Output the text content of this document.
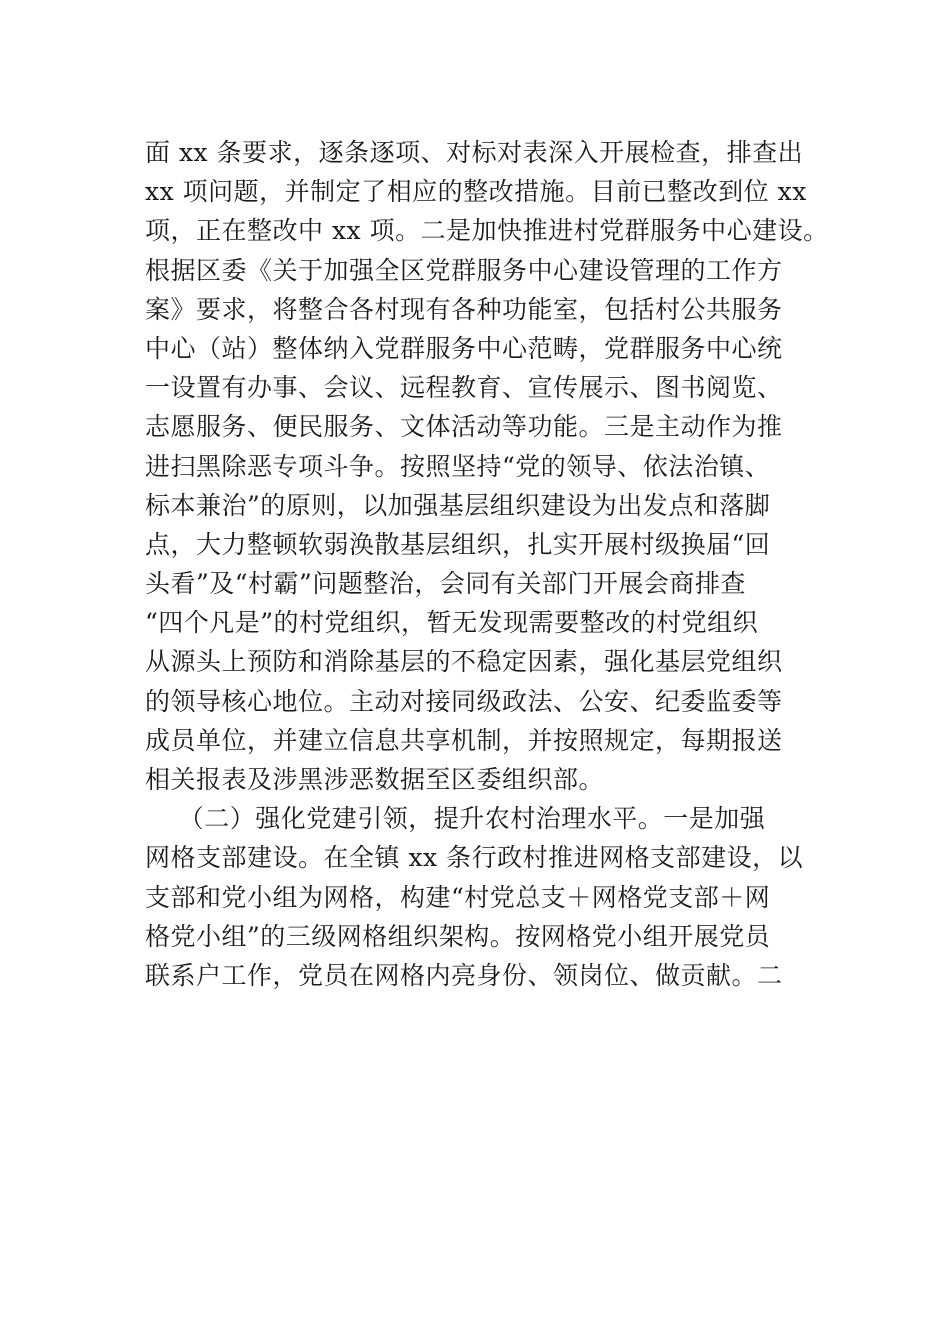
面 xx 条要求，逐条逐项、对标对表深入开展检查，排查出
xx 项问题，并制定了相应的整改措施。目前已整改到位 xx
项，正在整改中 xx 项。二是加快推进村党群服务中心建设。
根据区委《关于加强全区党群服务中心建设管理的工作方
案》要求，将整合各村现有各种功能室，包括村公共服务
中心（站）整体纳入党群服务中心范畴，党群服务中心统
一设置有办事、会议、远程教育、宣传展示、图书阅览、
志愿服务、便民服务、文体活动等功能。三是主动作为推
进扫黑除恶专项斗争。按照坚持“党的领导、依法治镇、
标本兼治”的原则，以加强基层组织建设为出发点和落脚
点，大力整顿软弱涣散基层组织，扎实开展村级换届“回
头看”及“村霸”问题整治，会同有关部门开展会商排查
“四个凡是”的村党组织，暂无发现需要整改的村党组织
从源头上预防和消除基层的不稳定因素，强化基层党组织
的领导核心地位。主动对接同级政法、公安、纪委监委等
成员单位，并建立信息共享机制，并按照规定，每期报送
相关报表及涉黑涉恶数据至区委组织部。
（二）强化党建引领，提升农村治理水平。一是加强
网格支部建设。在全镇 xx 条行政村推进网格支部建设，以
支部和党小组为网格，构建“村党总支＋网格党支部＋网
格党小组”的三级网格组织架构。按网格党小组开展党员
联系户工作，党员在网格内亮身份、领岗位、做贡献。二
